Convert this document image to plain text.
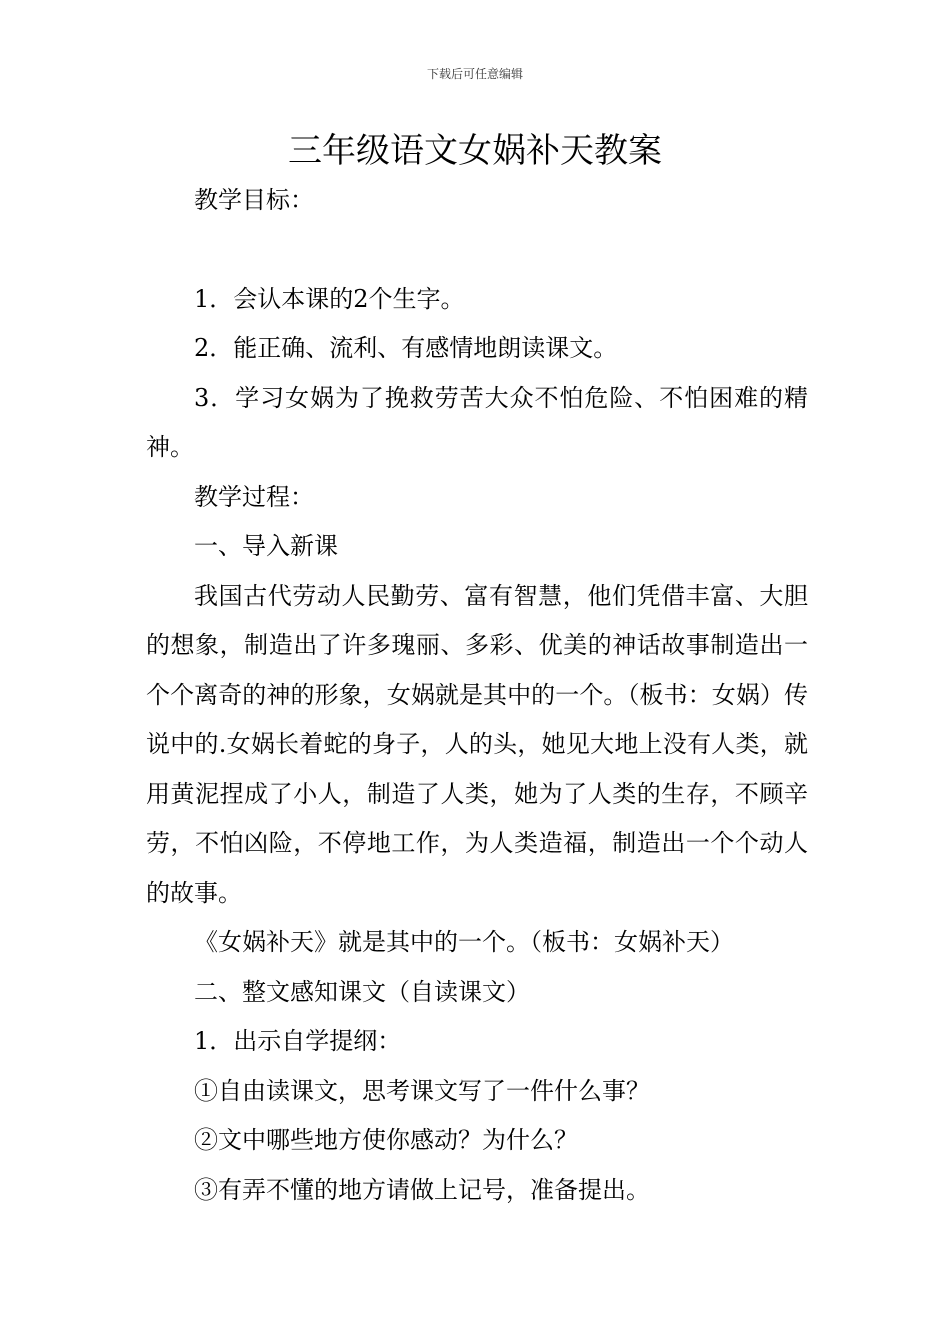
下载后可任意编辑
三年级语文女娲补天教案

教学目标：

1．会认本课的2个生字。

2．能正确、流利、有感情地朗读课文。

3．学习女娲为了挽救劳苦大众不怕危险、不怕困难的精神。

教学过程：

一、导入新课

我国古代劳动人民勤劳、富有智慧，他们凭借丰富、大胆的想象，制造出了许多瑰丽、多彩、优美的神话故事制造出一个个离奇的神的形象，女娲就是其中的一个。（板书：女娲）传说中的.女娲长着蛇的身子，人的头，她见大地上没有人类，就用黄泥捏成了小人，制造了人类，她为了人类的生存，不顾辛劳，不怕凶险，不停地工作，为人类造福，制造出一个个动人的故事。

《女娲补天》就是其中的一个。（板书：女娲补天）

二、整文感知课文（自读课文）

1．出示自学提纲：

①自由读课文，思考课文写了一件什么事？

②文中哪些地方使你感动？为什么？

③有弄不懂的地方请做上记号，准备提出。
